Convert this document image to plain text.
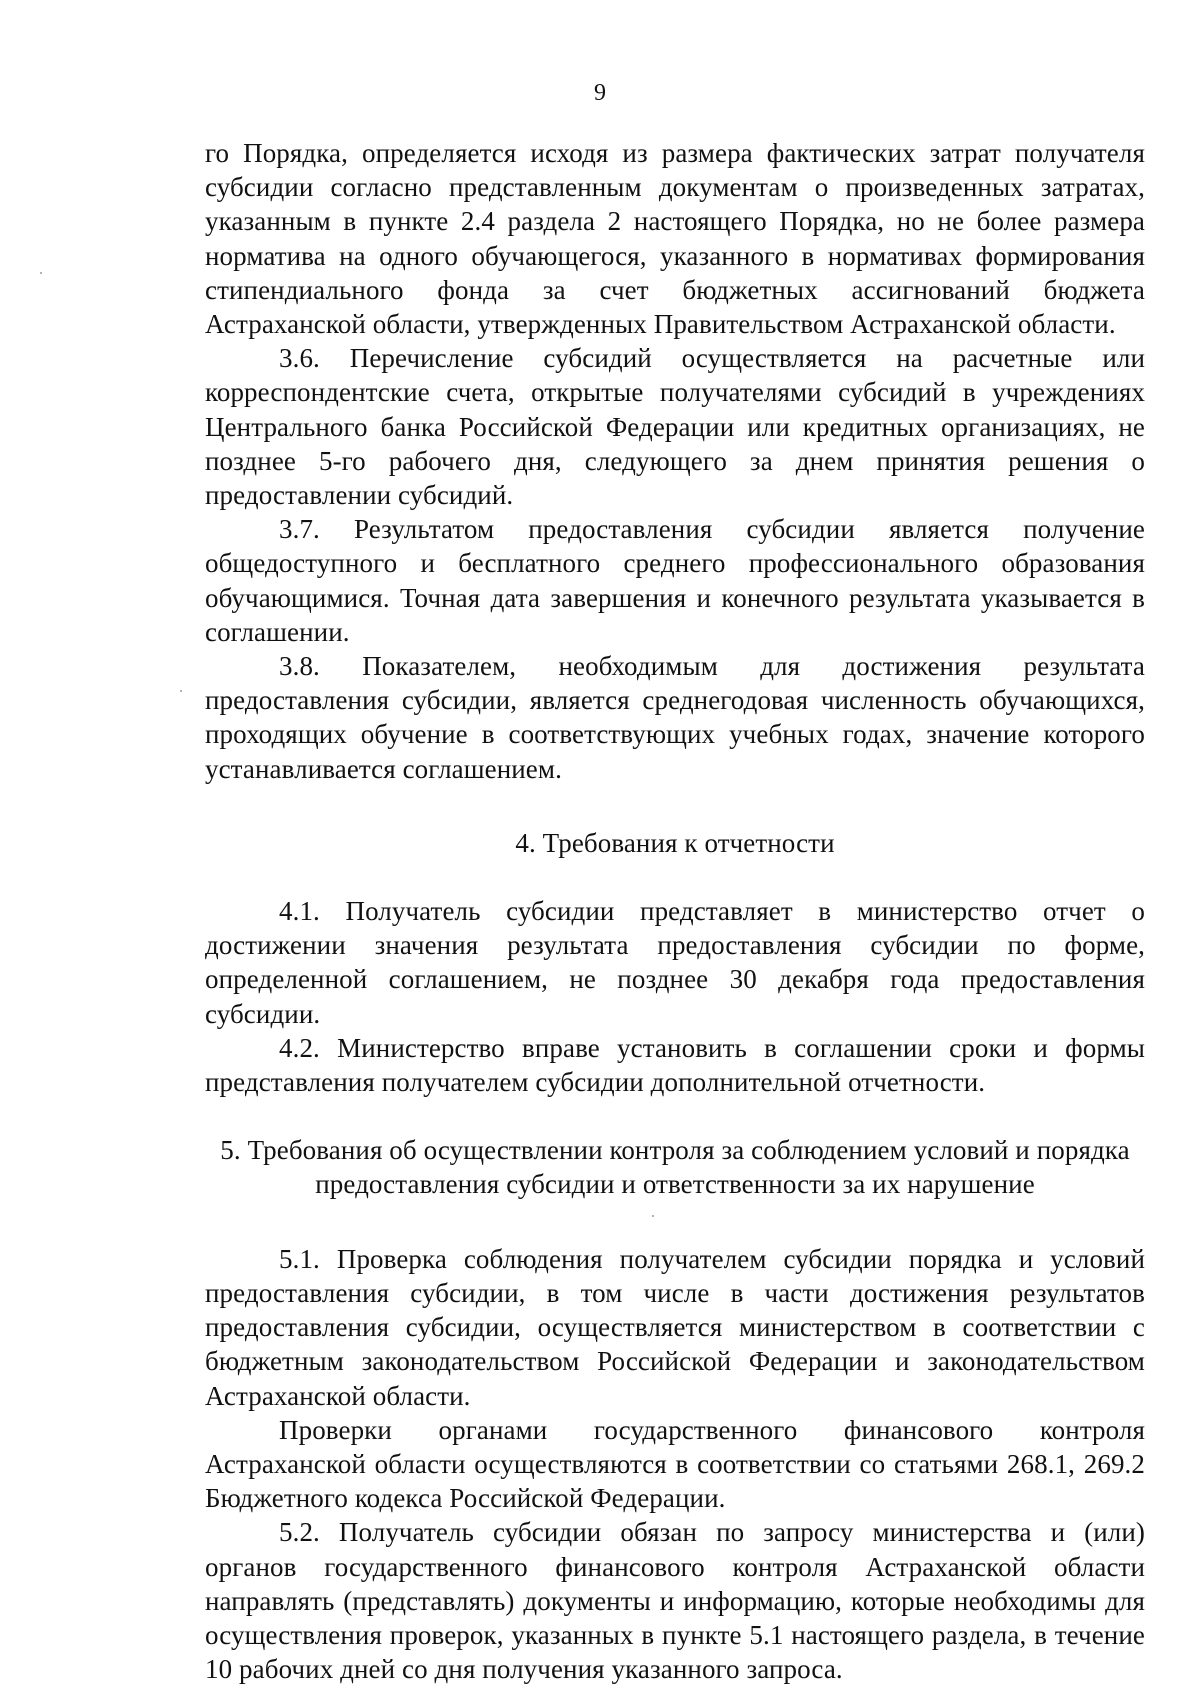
9

го Порядка, определяется исходя из размера фактических затрат получателя субсидии согласно представленным документам о произведенных затратах, указанным в пункте 2.4 раздела 2 настоящего Порядка, но не более размера норматива на одного обучающегося, указанного в нормативах формирования стипендиального фонда за счет бюджетных ассигнований бюджета Астраханской области, утвержденных Правительством Астраханской области.

3.6. Перечисление субсидий осуществляется на расчетные или корреспондентские счета, открытые получателями субсидий в учреждениях Центрального банка Российской Федерации или кредитных организациях, не позднее 5-го рабочего дня, следующего за днем принятия решения о предоставлении субсидий.

3.7. Результатом предоставления субсидии является получение общедоступного и бесплатного среднего профессионального образования обучающимися. Точная дата завершения и конечного результата указывается в соглашении.

3.8. Показателем, необходимым для достижения результата предоставления субсидии, является среднегодовая численность обучающихся, проходящих обучение в соответствующих учебных годах, значение которого устанавливается соглашением.

4. Требования к отчетности

4.1. Получатель субсидии представляет в министерство отчет о достижении значения результата предоставления субсидии по форме, определенной соглашением, не позднее 30 декабря года предоставления субсидии.

4.2. Министерство вправе установить в соглашении сроки и формы представления получателем субсидии дополнительной отчетности.

5. Требования об осуществлении контроля за соблюдением условий и порядка предоставления субсидии и ответственности за их нарушение

5.1. Проверка соблюдения получателем субсидии порядка и условий предоставления субсидии, в том числе в части достижения результатов предоставления субсидии, осуществляется министерством в соответствии с бюджетным законодательством Российской Федерации и законодательством Астраханской области.

Проверки органами государственного финансового контроля Астраханской области осуществляются в соответствии со статьями 268.1, 269.2 Бюджетного кодекса Российской Федерации.

5.2. Получатель субсидии обязан по запросу министерства и (или) органов государственного финансового контроля Астраханской области направлять (представлять) документы и информацию, которые необходимы для осуществления проверок, указанных в пункте 5.1 настоящего раздела, в течение 10 рабочих дней со дня получения указанного запроса.
